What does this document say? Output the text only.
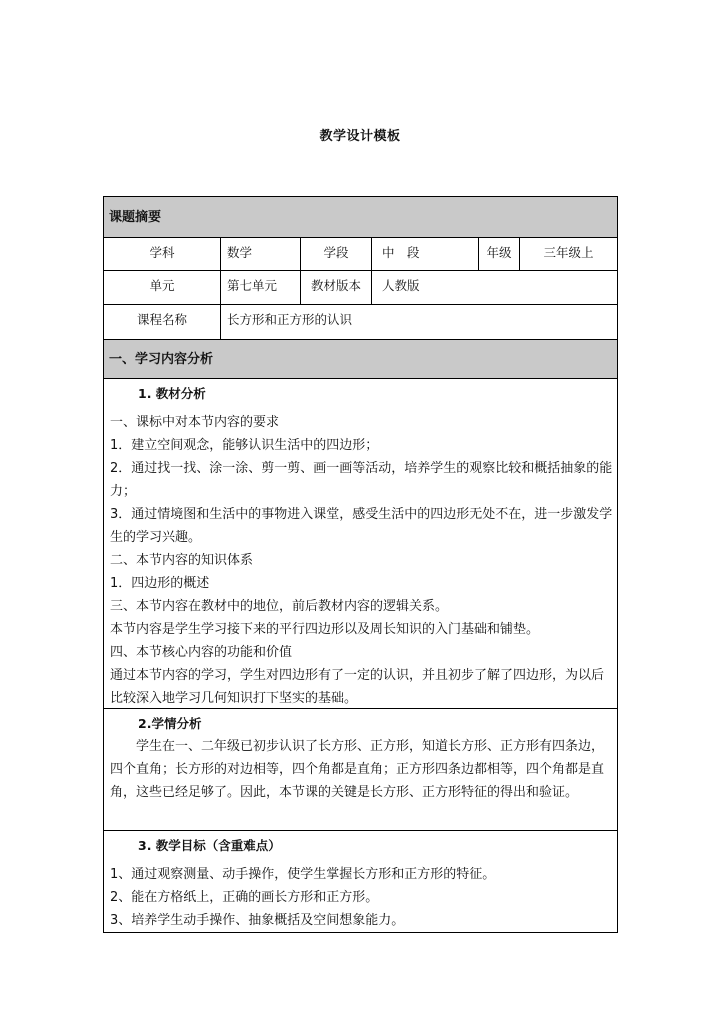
教学设计模板
课题摘要
学科	数学	学段	中　段	年级	三年级上
单元	第七单元	教材版本	人教版
课程名称	长方形和正方形的认识
一、学习内容分析
1. 教材分析

一、课标中对本节内容的要求

1．建立空间观念，能够认识生活中的四边形；

2．通过找一找、涂一涂、剪一剪、画一画等活动，培养学生的观察比较和概括抽象的能力；

3．通过情境图和生活中的事物进入课堂，感受生活中的四边形无处不在，进一步激发学生的学习兴趣。

二、本节内容的知识体系

1．四边形的概述

三、本节内容在教材中的地位，前后教材内容的逻辑关系。

本节内容是学生学习接下来的平行四边形以及周长知识的入门基础和铺垫。

四、本节核心内容的功能和价值

通过本节内容的学习，学生对四边形有了一定的认识，并且初步了解了四边形，为以后比较深入地学习几何知识打下坚实的基础。

2.学情分析

学生在一、二年级已初步认识了长方形、正方形，知道长方形、正方形有四条边，四个直角；长方形的对边相等，四个角都是直角；正方形四条边都相等，四个角都是直角，这些已经足够了。因此，本节课的关键是长方形、正方形特征的得出和验证。

3. 教学目标（含重难点）

1、通过观察测量、动手操作，使学生掌握长方形和正方形的特征。

2、能在方格纸上，正确的画长方形和正方形。

3、培养学生动手操作、抽象概括及空间想象能力。
